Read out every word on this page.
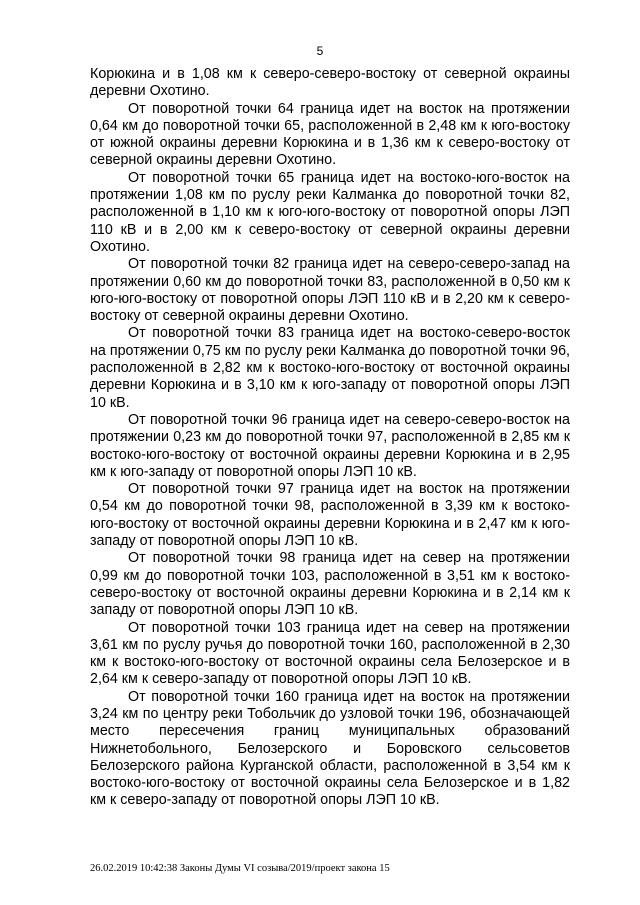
5

Корюкина и в 1,08 км к северо-северо-востоку от северной окраины деревни Охотино.

От поворотной точки 64 граница идет на восток на протяжении 0,64 км до поворотной точки 65, расположенной в 2,48 км к юго-востоку от южной окраины деревни Корюкина и в 1,36 км к северо-востоку от северной окраины деревни Охотино.

От поворотной точки 65 граница идет на востоко-юго-восток на протяжении 1,08 км по руслу реки Калманка до поворотной точки 82, расположенной в 1,10 км к юго-юго-востоку от поворотной опоры ЛЭП 110 кВ и в 2,00 км к северо-востоку от северной окраины деревни Охотино.

От поворотной точки 82 граница идет на северо-северо-запад на протяжении 0,60 км до поворотной точки 83, расположенной в 0,50 км к юго-юго-востоку от поворотной опоры ЛЭП 110 кВ и в 2,20 км к северо-востоку от северной окраины деревни Охотино.

От поворотной точки 83 граница идет на востоко-северо-восток на протяжении 0,75 км по руслу реки Калманка до поворотной точки 96, расположенной в 2,82 км к востоко-юго-востоку от восточной окраины деревни Корюкина и в 3,10 км к юго-западу от поворотной опоры ЛЭП 10 кВ.

От поворотной точки 96 граница идет на северо-северо-восток на протяжении 0,23 км до поворотной точки 97, расположенной в 2,85 км к востоко-юго-востоку от восточной окраины деревни Корюкина и в 2,95 км к юго-западу от поворотной опоры ЛЭП 10 кВ.

От поворотной точки 97 граница идет на восток на протяжении 0,54 км до поворотной точки 98, расположенной в 3,39 км к востоко-юго-востоку от восточной окраины деревни Корюкина и в 2,47 км к юго-западу от поворотной опоры ЛЭП 10 кВ.

От поворотной точки 98 граница идет на север на протяжении 0,99 км до поворотной точки 103, расположенной в 3,51 км к востоко-северо-востоку от восточной окраины деревни Корюкина и в 2,14 км к западу от поворотной опоры ЛЭП 10 кВ.

От поворотной точки 103 граница идет на север на протяжении 3,61 км по руслу ручья до поворотной точки 160, расположенной в 2,30 км к востоко-юго-востоку от восточной окраины села Белозерское и в 2,64 км к северо-западу от поворотной опоры ЛЭП 10 кВ.

От поворотной точки 160 граница идет на восток на протяжении 3,24 км по центру реки Тобольчик до узловой точки 196, обозначающей место пересечения границ муниципальных образований Нижнетобольного, Белозерского и Боровского сельсоветов Белозерского района Курганской области, расположенной в 3,54 км к востоко-юго-востоку от восточной окраины села Белозерское и в 1,82 км к северо-западу от поворотной опоры ЛЭП 10 кВ.

26.02.2019 10:42:38 Законы Думы VI созыва/2019/проект закона 15
